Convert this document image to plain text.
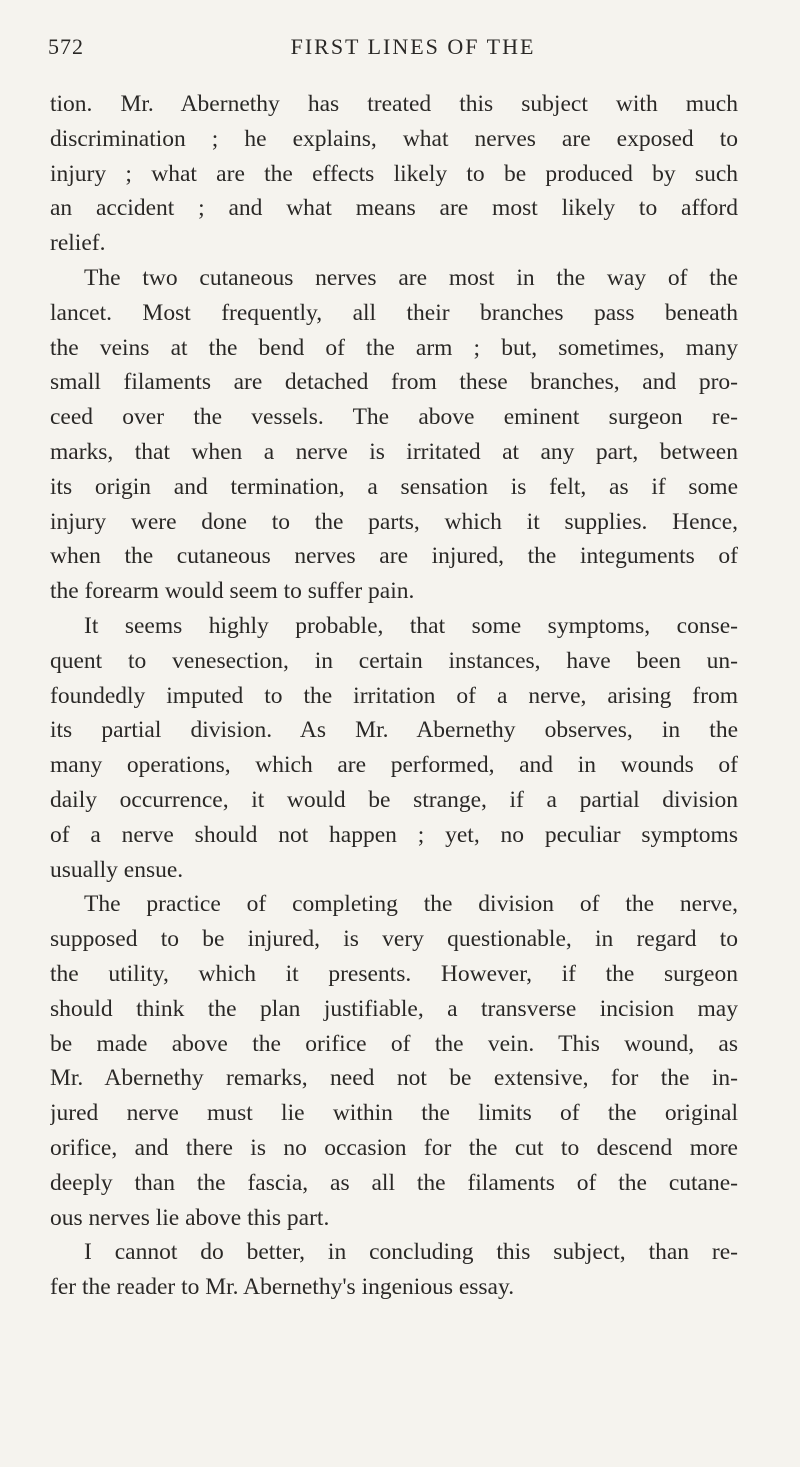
572	FIRST LINES OF THE
tion. Mr. Abernethy has treated this subject with much
discrimination ; he explains, what nerves are exposed to
injury ; what are the effects likely to be produced by such
an accident ; and what means are most likely to afford
relief.
The two cutaneous nerves are most in the way of the
lancet. Most frequently, all their branches pass beneath
the veins at the bend of the arm ; but, sometimes, many
small filaments are detached from these branches, and pro-
ceed over the vessels. The above eminent surgeon re-
marks, that when a nerve is irritated at any part, between
its origin and termination, a sensation is felt, as if some
injury were done to the parts, which it supplies. Hence,
when the cutaneous nerves are injured, the integuments of
the forearm would seem to suffer pain.
It seems highly probable, that some symptoms, conse-
quent to venesection, in certain instances, have been un-
foundedly imputed to the irritation of a nerve, arising from
its partial division. As Mr. Abernethy observes, in the
many operations, which are performed, and in wounds of
daily occurrence, it would be strange, if a partial division
of a nerve should not happen ; yet, no peculiar symptoms
usually ensue.
The practice of completing the division of the nerve,
supposed to be injured, is very questionable, in regard to
the utility, which it presents. However, if the surgeon
should think the plan justifiable, a transverse incision may
be made above the orifice of the vein. This wound, as
Mr. Abernethy remarks, need not be extensive, for the in-
jured nerve must lie within the limits of the original
orifice, and there is no occasion for the cut to descend more
deeply than the fascia, as all the filaments of the cutane-
ous nerves lie above this part.
I cannot do better, in concluding this subject, than re-
fer the reader to Mr. Abernethy's ingenious essay.
